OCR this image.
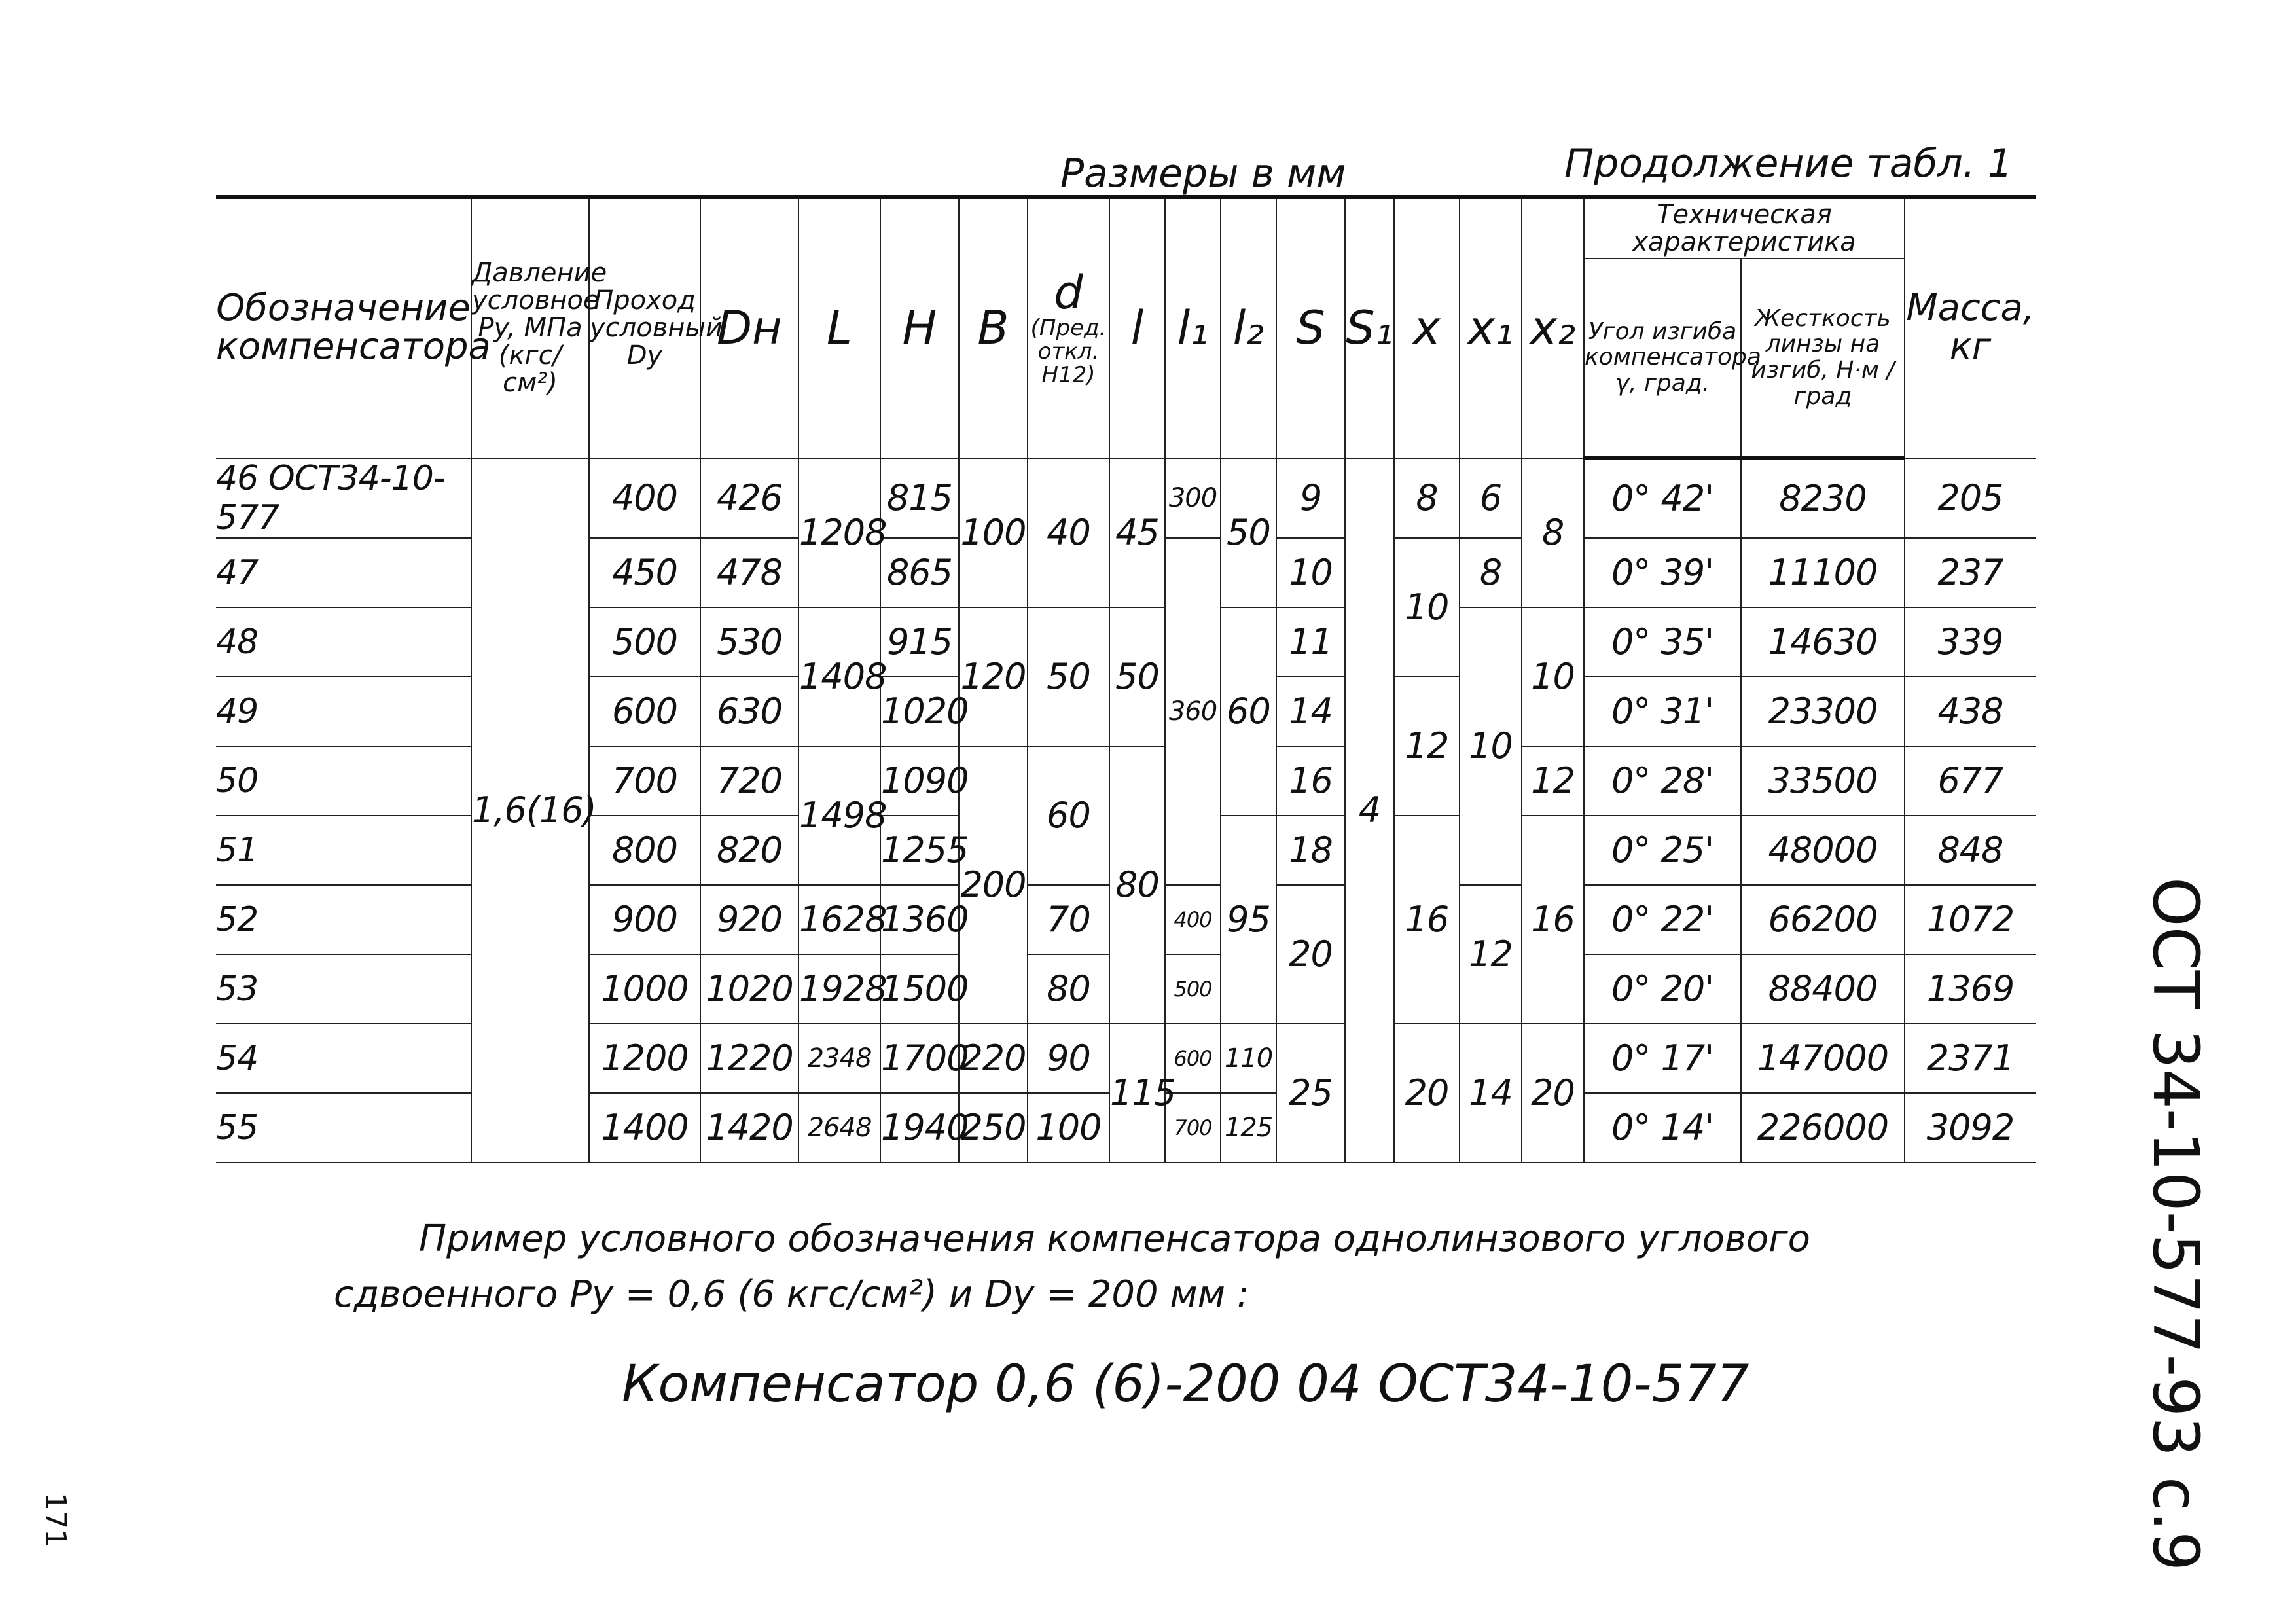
Размеры в мм	Продолжение табл. 1
Обозначение компенсатора	Давление условное Py, МПа (кгс/см²)	Проход условный Dy	Dн	L	H	B	d
(Пред. откл. H12)	l	l₁	l₂	S	S₁	x	x₁	x₂	Техническая характеристика		Масса, кг
																Угол изгиба компенсатора γ, град.	Жесткость линзы на изгиб, Н·м / град	
46 ОСТ34-10-577	1,6(16)	400	426	1208	815	100	40	45	300	50	9	4	8	6	8	0° 42'	8230	205
47		450	478		865				360		10		10	8		0° 39'	11100	237
48		500	530	1408	915	120	50	50		60	11			10	10	0° 35'	14630	339
49		600	630		1020						14		12			0° 31'	23300	438
50		700	720	1498	1090	200	60	80			16				12	0° 28'	33500	677
51		800	820		1255					95	18		16		16	0° 25'	48000	848
52		900	920	1628	1360		70		400		20			12		0° 22'	66200	1072
53		1000	1020	1928	1500		80		500							0° 20'	88400	1369
54		1200	1220	2348	1700	220	90	115	600	110	25		20	14	20	0° 17'	147000	2371
55		1400	1420	2648	1940	250	100		700	125						0° 14'	226000	3092
Пример условного обозначения компенсатора однолинзового углового
сдвоенного Py = 0,6 (6 кгс/см²) и Dy = 200 мм :
Компенсатор 0,6 (6)-200 04 ОСТ34-10-577	ОСТ 34-10-577-93 с.9
171
